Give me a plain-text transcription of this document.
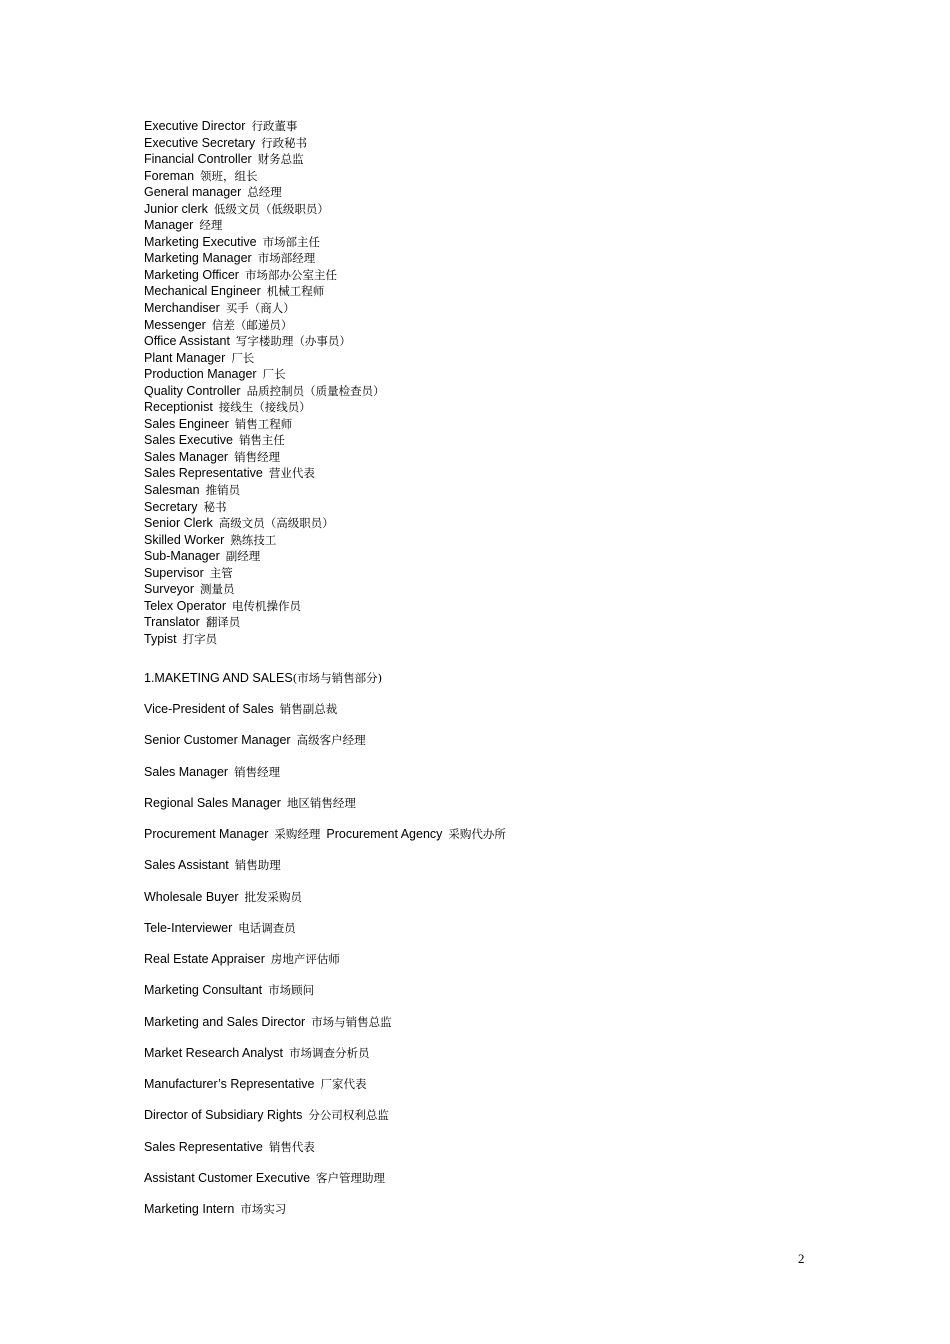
Executive Director 行政董事
Executive Secretary 行政秘书
Financial Controller 财务总监
Foreman 领班，组长
General manager 总经理
Junior clerk 低级文员（低级职员）
Manager 经理
Marketing Executive 市场部主任
Marketing Manager 市场部经理
Marketing Officer 市场部办公室主任
Mechanical Engineer 机械工程师
Merchandiser 买手（商人）
Messenger 信差（邮递员）
Office Assistant 写字楼助理（办事员）
Plant Manager 厂长
Production Manager 厂长
Quality Controller 品质控制员（质量检查员）
Receptionist 接线生（接线员）
Sales Engineer 销售工程师
Sales Executive 销售主任
Sales Manager 销售经理
Sales Representative 营业代表
Salesman 推销员
Secretary 秘书
Senior Clerk 高级文员（高级职员）
Skilled Worker 熟练技工
Sub-Manager 副经理
Supervisor 主管
Surveyor 测量员
Telex Operator 电传机操作员
Translator 翻译员
Typist 打字员
1.MAKETING AND SALES(市场与销售部分)
Vice-President of Sales 销售副总裁
Senior Customer Manager 高级客户经理
Sales Manager 销售经理
Regional Sales Manager 地区销售经理
Procurement Manager 采购经理 Procurement Agency 采购代办所
Sales Assistant 销售助理
Wholesale Buyer 批发采购员
Tele-Interviewer 电话调查员
Real Estate Appraiser 房地产评估师
Marketing Consultant 市场顾问
Marketing and Sales Director 市场与销售总监
Market Research Analyst 市场调查分析员
Manufacturer’s Representative 厂家代表
Director of Subsidiary Rights 分公司权利总监
Sales Representative 销售代表
Assistant Customer Executive 客户管理助理
Marketing Intern 市场实习
2
